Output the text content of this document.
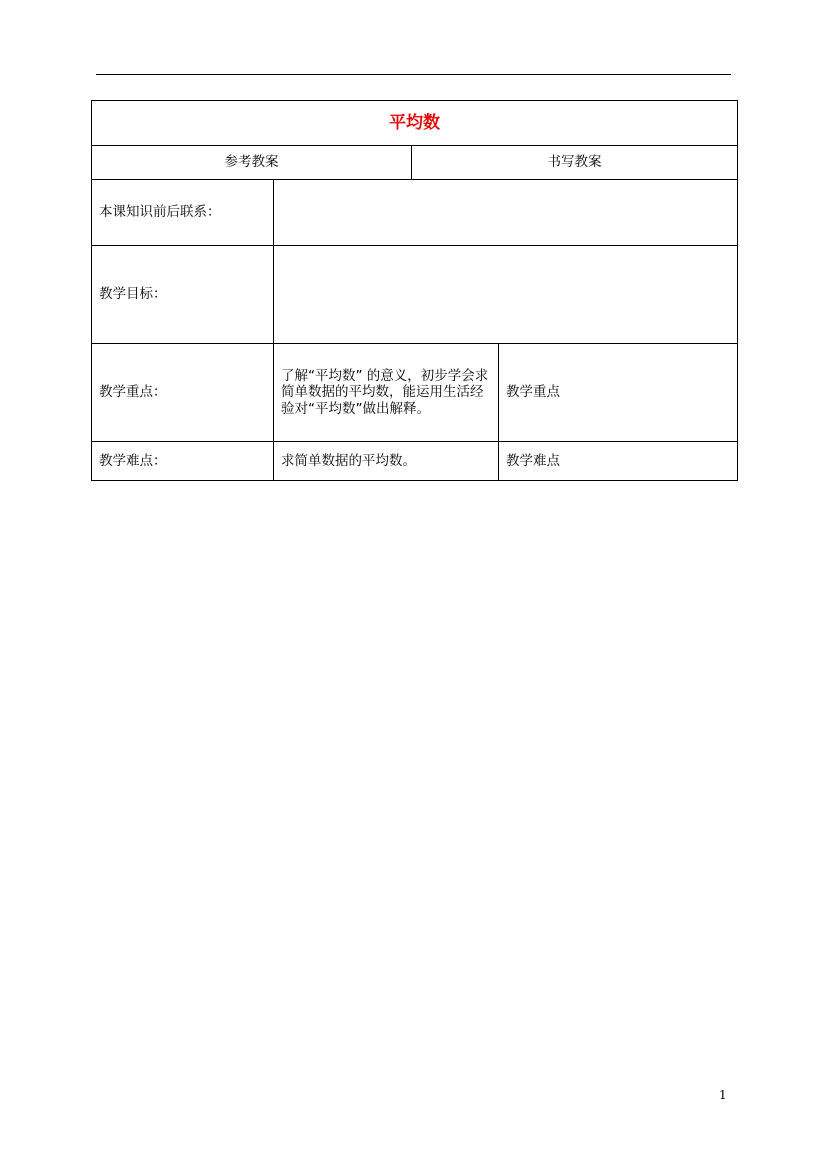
平均数			
参考教案		书写教案	
本课知识前后联系：			
教学目标：			
教学重点：	了解“平均数” 的意义，初步学会求简单数据的平均数，能运用生活经验对“平均数”做出解释。		教学重点
教学难点：	求简单数据的平均数。		教学难点
1
